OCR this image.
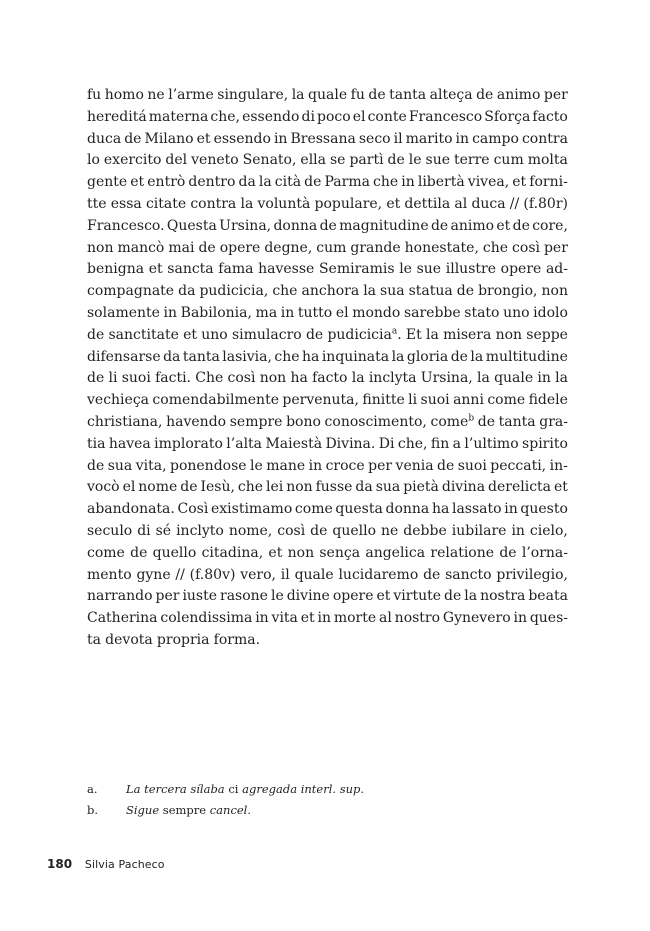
fu homo ne l’arme singulare, la quale fu de tanta alteça de animo per
hereditá materna che, essendo di poco el conte Francesco Sforça facto
duca de Milano et essendo in Bressana seco il marito in campo contra
lo exercito del veneto Senato, ella se partì de le sue terre cum molta
gente et entrò dentro da la cità de Parma che in libertà vivea, et forni-
tte essa citate contra la voluntà populare, et dettila al duca // (f.80r)
Francesco. Questa Ursina, donna de magnitudine de animo et de core,
non mancò mai de opere degne, cum grande honestate, che così per
benigna et sancta fama havesse Semiramis le sue illustre opere ad-
compagnate da pudicicia, che anchora la sua statua de brongio, non
solamente in Babilonia, ma in tutto el mondo sarebbe stato uno idolo
de sanctitate et uno simulacro de pudicicia$^a$. Et la misera non seppe
difensarse da tanta lasivia, che ha inquinata la gloria de la multitudine
de li suoi facti. Che così non ha facto la inclyta Ursina, la quale in la
vechieça comendabilmente pervenuta, finitte li suoi anni come fidele
christiana, havendo sempre bono conoscimento, come$^b$ de tanta gra-
tia havea implorato l’alta Maiestà Divina. Di che, fin a l’ultimo spirito
de sua vita, ponendose le mane in croce per venia de suoi peccati, in-
vocò el nome de Iesù, che lei non fusse da sua pietà divina derelicta et
abandonata. Così existimamo come questa donna ha lassato in questo
seculo di sé inclyto nome, così de quello ne debbe iubilare in cielo,
come de quello citadina, et non sença angelica relatione de l’orna-
mento gyne // (f.80v) vero, il quale lucidaremo de sancto privilegio,
narrando per iuste rasone le divine opere et virtute de la nostra beata
Catherina colendissima in vita et in morte al nostro Gynevero in ques-
ta devota propria forma.
a.	La tercera sílaba ci agregada interl. sup.
b.	Sigue sempre cancel.
180 Silvia Pacheco
